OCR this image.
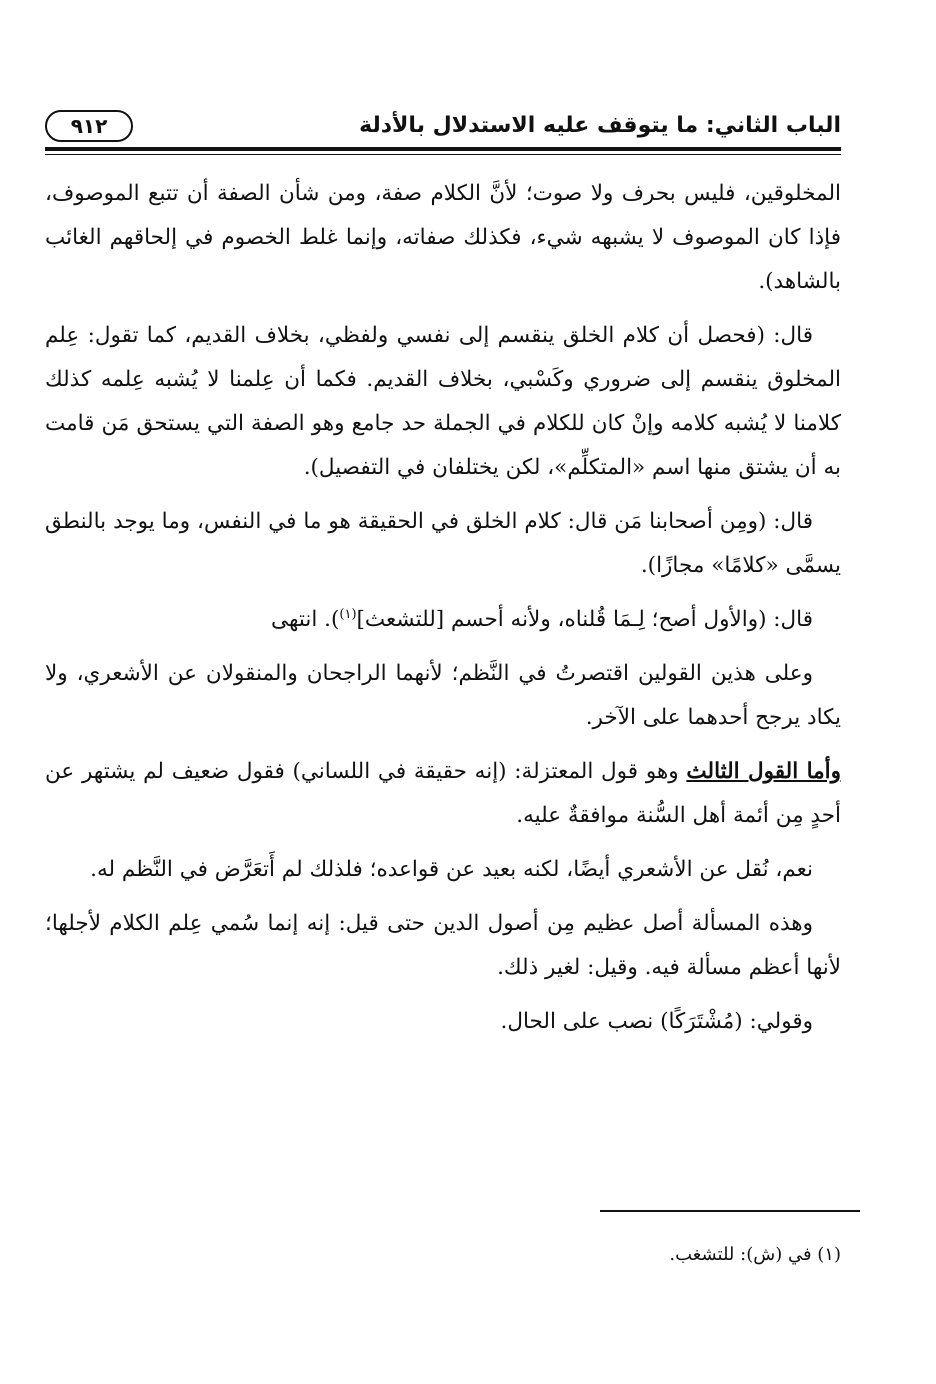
الباب الثاني: ما يتوقف عليه الاستدلال بالأدلة
٩١٢

المخلوقين، فليس بحرف ولا صوت؛ لأنَّ الكلام صفة، ومن شأن الصفة أن تتبع الموصوف، فإذا كان الموصوف لا يشبهه شيء، فكذلك صفاته، وإنما غلط الخصوم في إلحاقهم الغائب بالشاهد).

قال: (فحصل أن كلام الخلق ينقسم إلى نفسي ولفظي، بخلاف القديم، كما تقول: عِلم المخلوق ينقسم إلى ضروري وكَسْبي، بخلاف القديم. فكما أن عِلمنا لا يُشبه عِلمه كذلك كلامنا لا يُشبه كلامه وإنْ كان للكلام في الجملة حد جامع وهو الصفة التي يستحق مَن قامت به أن يشتق منها اسم «المتكلِّم»، لكن يختلفان في التفصيل).

قال: (ومِن أصحابنا مَن قال: كلام الخلق في الحقيقة هو ما في النفس، وما يوجد بالنطق يسمَّى «كلامًا» مجازًا).

قال: (والأول أصح؛ لِـمَا قُلناه، ولأنه أحسم [للتشعث]$^{(١)}$). انتهى

وعلى هذين القولين اقتصرتُ في النَّظم؛ لأنهما الراجحان والمنقولان عن الأشعري، ولا يكاد يرجح أحدهما على الآخر.

وأما القول الثالث وهو قول المعتزلة: (إنه حقيقة في اللساني) فقول ضعيف لم يشتهر عن أحدٍ مِن أئمة أهل السُّنة موافقةٌ عليه.

نعم، نُقل عن الأشعري أيضًا، لكنه بعيد عن قواعده؛ فلذلك لم أَتعَرَّض في النَّظم له.

وهذه المسألة أصل عظيم مِن أصول الدين حتى قيل: إنه إنما سُمي عِلم الكلام لأجلها؛ لأنها أعظم مسألة فيه. وقيل: لغير ذلك.

وقولي: (مُشْتَرَكًا) نصب على الحال.

(١) في (ش): للتشغب.
